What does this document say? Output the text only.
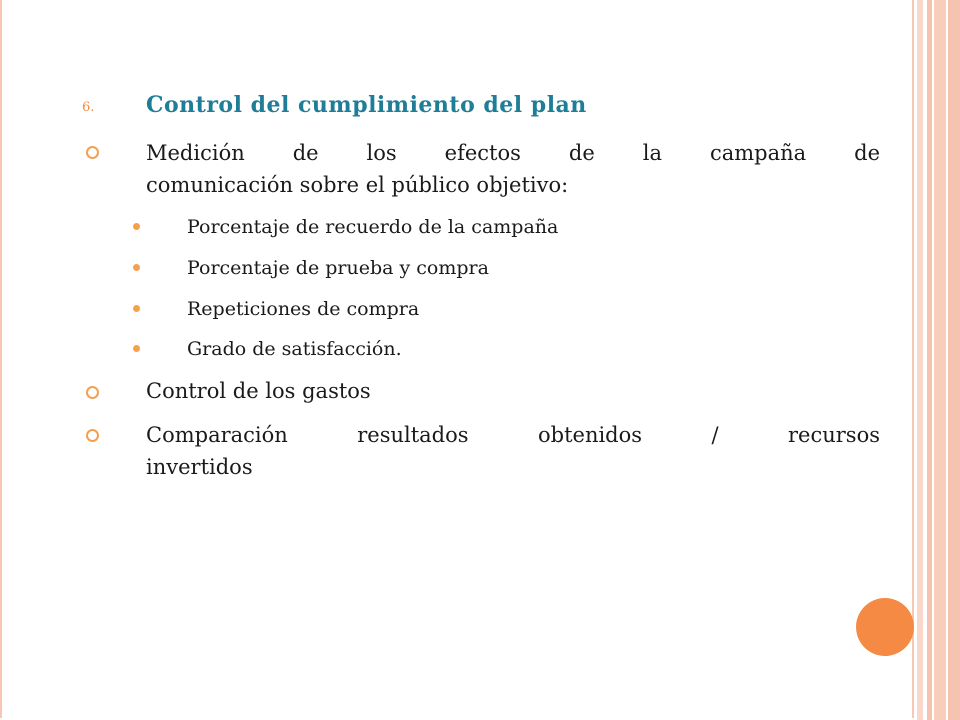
6. Control del cumplimiento del plan
Medición de los efectos de la campaña de
comunicación sobre el público objetivo:
Porcentaje de recuerdo de la campaña
Porcentaje de prueba y compra
Repeticiones de compra
Grado de satisfacción.
Control de los gastos
Comparación resultados obtenidos / recursos
invertidos
